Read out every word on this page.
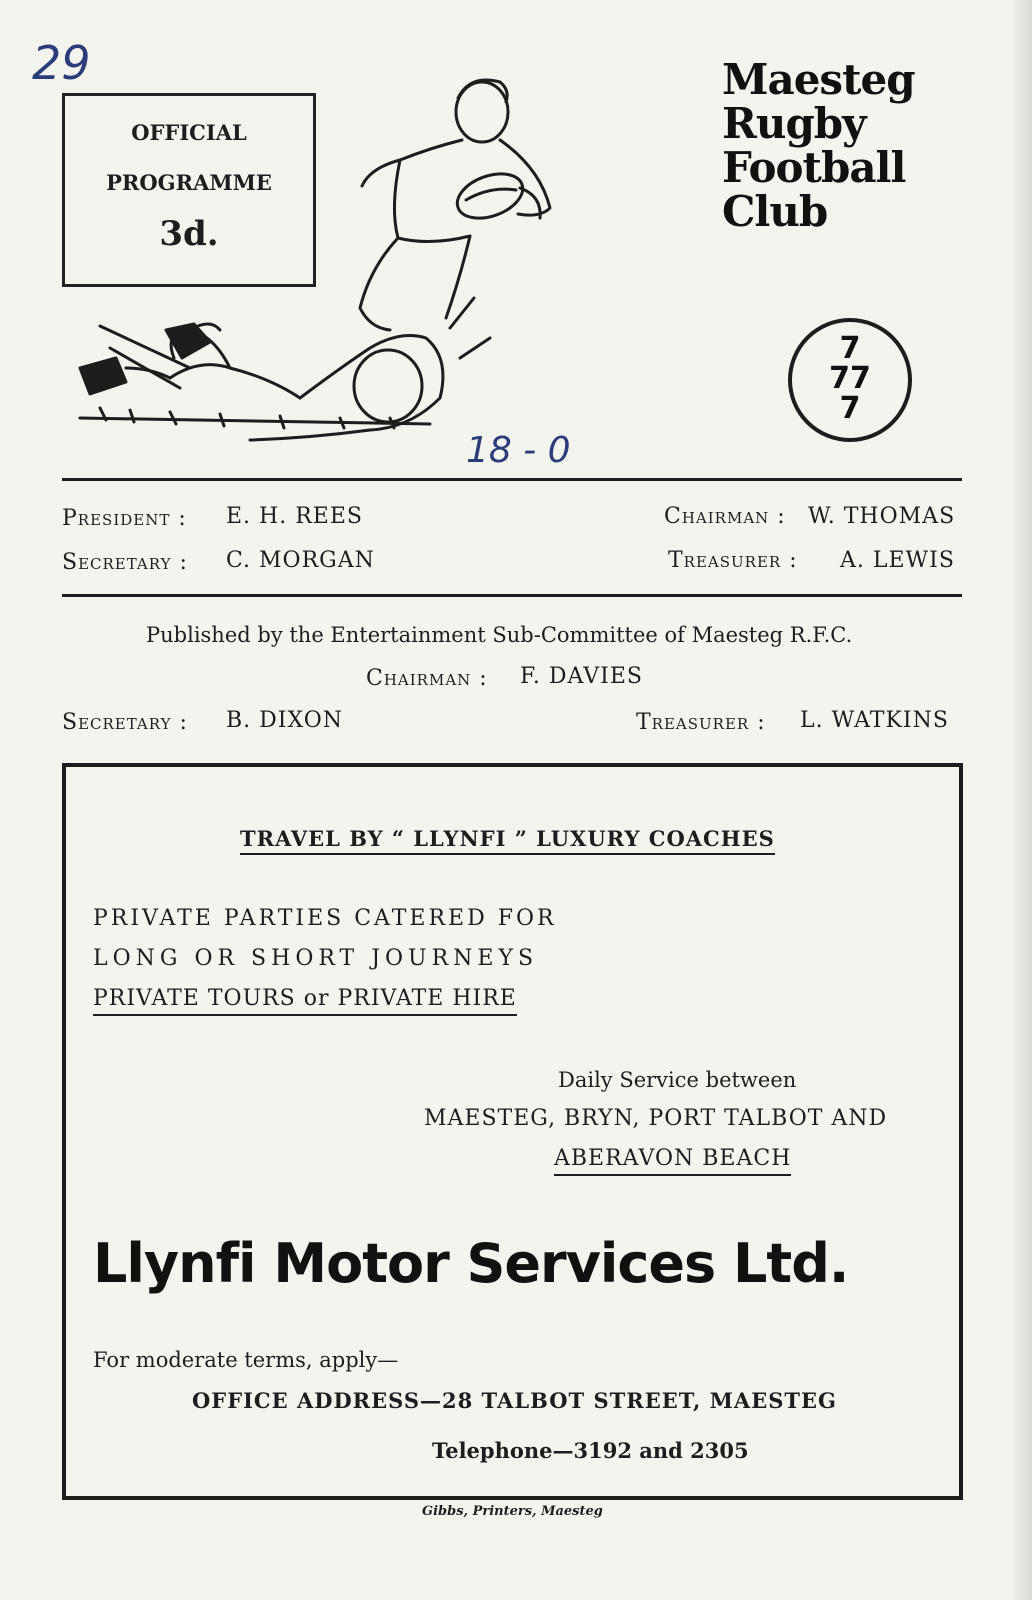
29
OFFICIAL
PROGRAMME
3d.
18 - 0
Maesteg
Rugby
Football
Club
7
77
7
President : E. H. REES	Chairman : W. THOMAS
Secretary : C. MORGAN	Treasurer : A. LEWIS
Published by the Entertainment Sub-Committee of Maesteg R.F.C.
Chairman : F. DAVIES
Secretary : B. DIXON	Treasurer : L. WATKINS
TRAVEL BY “ LLYNFI ” LUXURY COACHES
PRIVATE PARTIES CATERED FOR
LONG OR SHORT JOURNEYS
PRIVATE TOURS or PRIVATE HIRE
Daily Service between
MAESTEG, BRYN, PORT TALBOT AND
ABERAVON BEACH
Llynfi Motor Services Ltd.
For moderate terms, apply—
OFFICE ADDRESS—28 TALBOT STREET, MAESTEG
Telephone—3192 and 2305
Gibbs, Printers, Maesteg
